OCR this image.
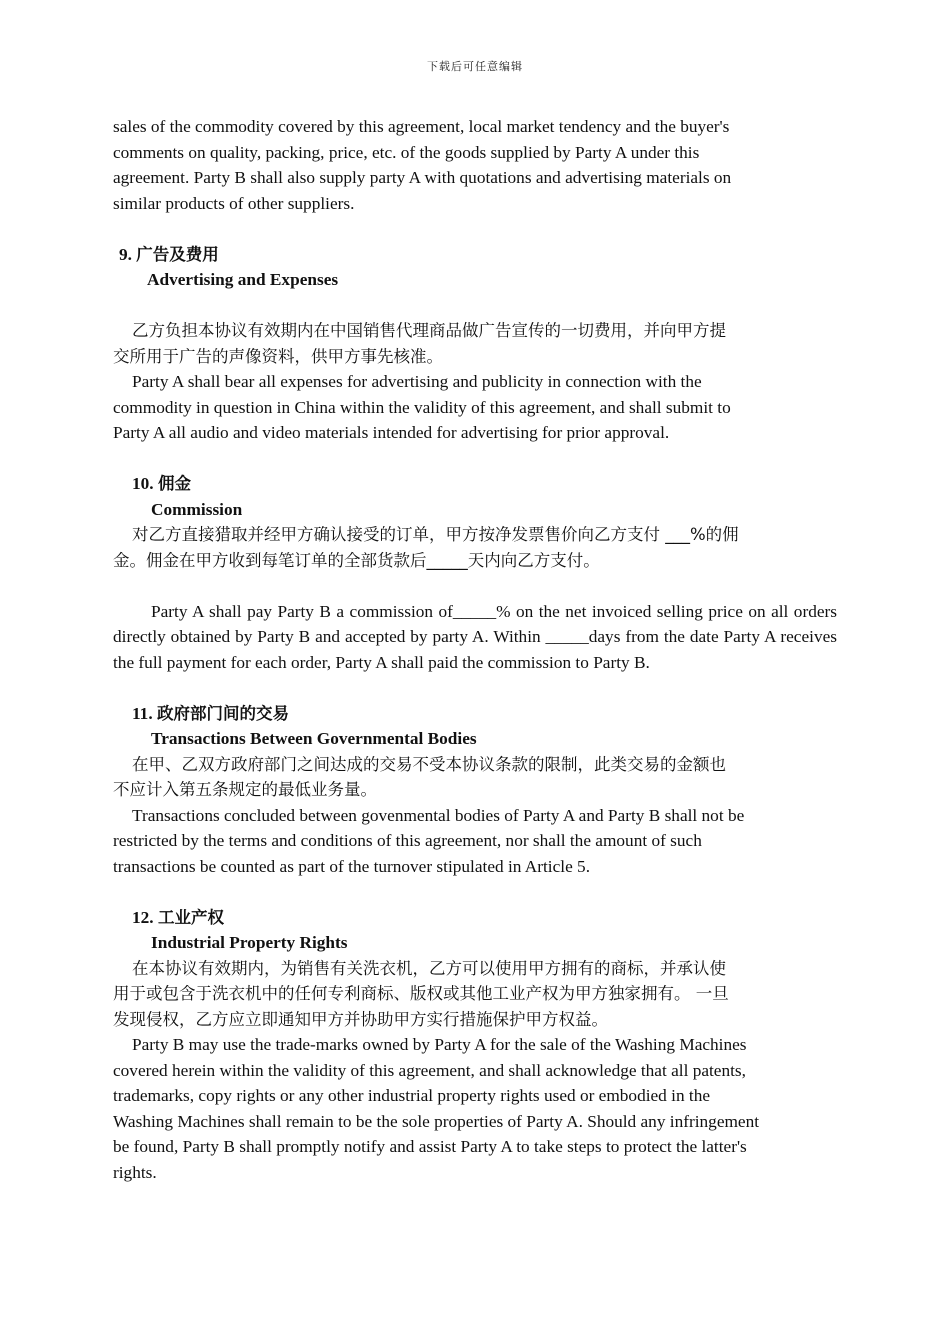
下载后可任意编辑
sales of the commodity covered by this agreement, local market tendency and the buyer's
comments on quality, packing, price, etc. of the goods supplied by Party A under this
agreement. Party B shall also supply party A with quotations and advertising materials on
similar products of other suppliers.
9. 广告及费用
Advertising and Expenses
乙方负担本协议有效期内在中国销售代理商品做广告宣传的一切费用，并向甲方提
交所用于广告的声像资料，供甲方事先核准。
Party A shall bear all expenses for advertising and publicity in connection with the
commodity in question in China within the validity of this agreement, and shall submit to
Party A all audio and video materials intended for advertising for prior approval.
10. 佣金
Commission
对乙方直接猎取并经甲方确认接受的订单，甲方按净发票售价向乙方支付 ___%的佣
金。佣金在甲方收到每笔订单的全部货款后_____天内向乙方支付。
Party A shall pay Party B a commission of_____% on the net invoiced selling price on all orders directly obtained by Party B and accepted by party A. Within _____days from the date Party A receives the full payment for each order, Party A shall paid the commission to Party B.
11. 政府部门间的交易
Transactions Between Governmental Bodies
在甲、乙双方政府部门之间达成的交易不受本协议条款的限制，此类交易的金额也
不应计入第五条规定的最低业务量。
Transactions concluded between govenmental bodies of Party A and Party B shall not be
restricted by the terms and conditions of this agreement, nor shall the amount of such
transactions be counted as part of the turnover stipulated in Article 5.
12. 工业产权
Industrial Property Rights
在本协议有效期内，为销售有关洗衣机，乙方可以使用甲方拥有的商标，并承认使
用于或包含于洗衣机中的任何专利商标、版权或其他工业产权为甲方独家拥有。 一旦
发现侵权，乙方应立即通知甲方并协助甲方实行措施保护甲方权益。
Party B may use the trade-marks owned by Party A for the sale of the Washing Machines
covered herein within the validity of this agreement, and shall acknowledge that all patents,
trademarks, copy rights or any other industrial property rights used or embodied in the
Washing Machines shall remain to be the sole properties of Party A. Should any infringement
be found, Party B shall promptly notify and assist Party A to take steps to protect the latter's
rights.
